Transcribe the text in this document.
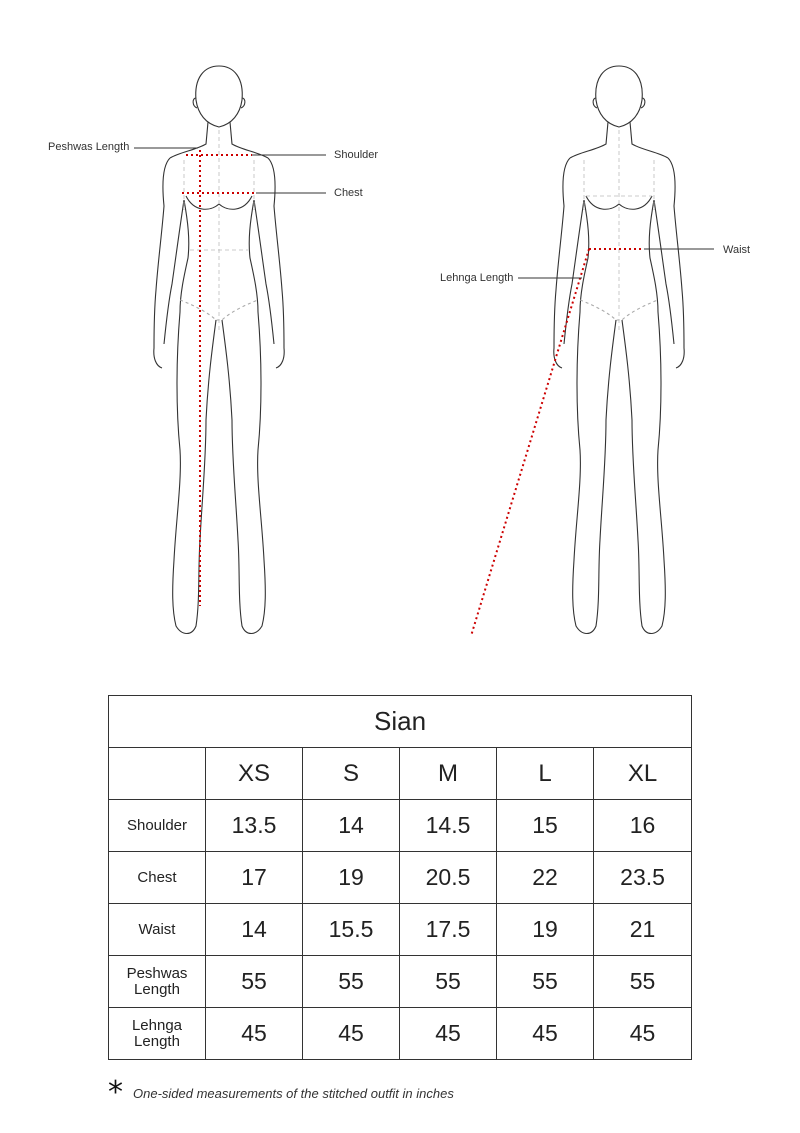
Peshwas Length
Shoulder
Chest
Waist
Lehnga Length
Sian					
	XS	S	M	L	XL
Shoulder	13.5	14	14.5	15	16
Chest	17	19	20.5	22	23.5
Waist	14	15.5	17.5	19	21
Peshwas
Length	55	55	55	55	55
Lehnga
Length	45	45	45	45	45
* One-sided measurements of the stitched outfit in inches
